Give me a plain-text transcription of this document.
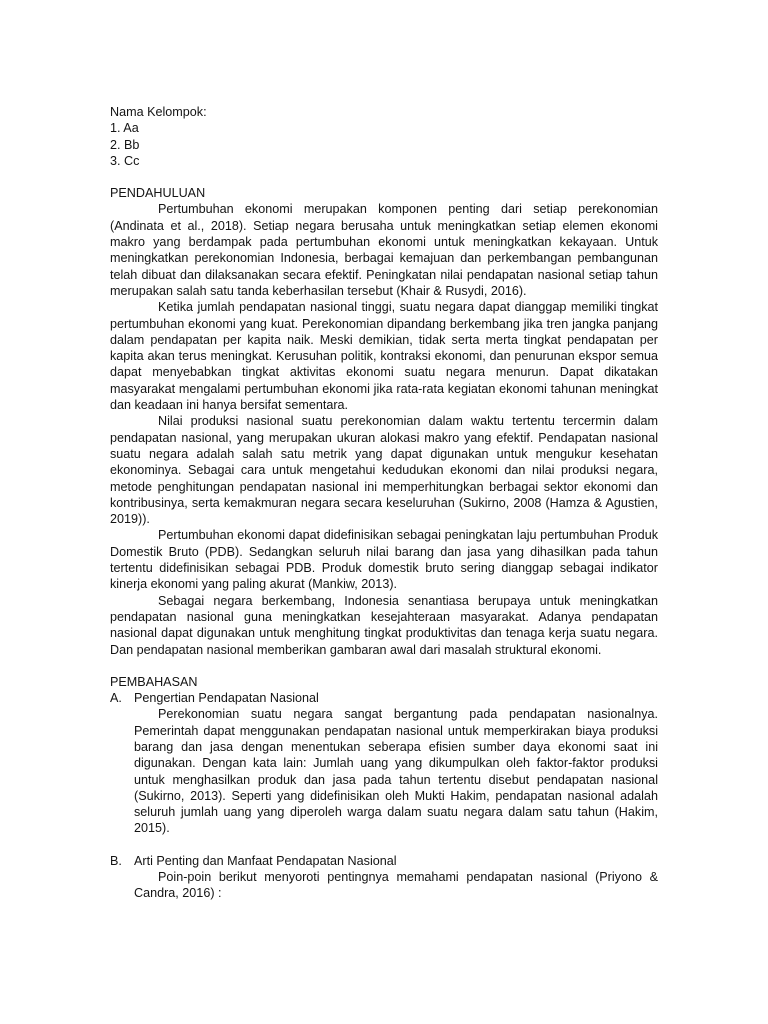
Nama Kelompok:

1. Aa

2. Bb

3. Cc

PENDAHULUAN

Pertumbuhan ekonomi merupakan komponen penting dari setiap perekonomian (Andinata et al., 2018). Setiap negara berusaha untuk meningkatkan setiap elemen ekonomi makro yang berdampak pada pertumbuhan ekonomi untuk meningkatkan kekayaan. Untuk meningkatkan perekonomian Indonesia, berbagai kemajuan dan perkembangan pembangunan telah dibuat dan dilaksanakan secara efektif. Peningkatan nilai pendapatan nasional setiap tahun merupakan salah satu tanda keberhasilan tersebut (Khair & Rusydi, 2016).

Ketika jumlah pendapatan nasional tinggi, suatu negara dapat dianggap memiliki tingkat pertumbuhan ekonomi yang kuat. Perekonomian dipandang berkembang jika tren jangka panjang dalam pendapatan per kapita naik. Meski demikian, tidak serta merta tingkat pendapatan per kapita akan terus meningkat. Kerusuhan politik, kontraksi ekonomi, dan penurunan ekspor semua dapat menyebabkan tingkat aktivitas ekonomi suatu negara menurun. Dapat dikatakan masyarakat mengalami pertumbuhan ekonomi jika rata-rata kegiatan ekonomi tahunan meningkat dan keadaan ini hanya bersifat sementara.

Nilai produksi nasional suatu perekonomian dalam waktu tertentu tercermin dalam pendapatan nasional, yang merupakan ukuran alokasi makro yang efektif. Pendapatan nasional suatu negara adalah salah satu metrik yang dapat digunakan untuk mengukur kesehatan ekonominya. Sebagai cara untuk mengetahui kedudukan ekonomi dan nilai produksi negara, metode penghitungan pendapatan nasional ini memperhitungkan berbagai sektor ekonomi dan kontribusinya, serta kemakmuran negara secara keseluruhan (Sukirno, 2008 (Hamza & Agustien, 2019)).

Pertumbuhan ekonomi dapat didefinisikan sebagai peningkatan laju pertumbuhan Produk Domestik Bruto (PDB). Sedangkan seluruh nilai barang dan jasa yang dihasilkan pada tahun tertentu didefinisikan sebagai PDB. Produk domestik bruto sering dianggap sebagai indikator kinerja ekonomi yang paling akurat (Mankiw, 2013).

Sebagai negara berkembang, Indonesia senantiasa berupaya untuk meningkatkan pendapatan nasional guna meningkatkan kesejahteraan masyarakat. Adanya pendapatan nasional dapat digunakan untuk menghitung tingkat produktivitas dan tenaga kerja suatu negara. Dan pendapatan nasional memberikan gambaran awal dari masalah struktural ekonomi.

PEMBAHASAN

A. Pengertian Pendapatan Nasional

Perekonomian suatu negara sangat bergantung pada pendapatan nasionalnya. Pemerintah dapat menggunakan pendapatan nasional untuk memperkirakan biaya produksi barang dan jasa dengan menentukan seberapa efisien sumber daya ekonomi saat ini digunakan. Dengan kata lain: Jumlah uang yang dikumpulkan oleh faktor-faktor produksi untuk menghasilkan produk dan jasa pada tahun tertentu disebut pendapatan nasional (Sukirno, 2013). Seperti yang didefinisikan oleh Mukti Hakim, pendapatan nasional adalah seluruh jumlah uang yang diperoleh warga dalam suatu negara dalam satu tahun (Hakim, 2015).

B. Arti Penting dan Manfaat Pendapatan Nasional

Poin-poin berikut menyoroti pentingnya memahami pendapatan nasional (Priyono & Candra, 2016) :
